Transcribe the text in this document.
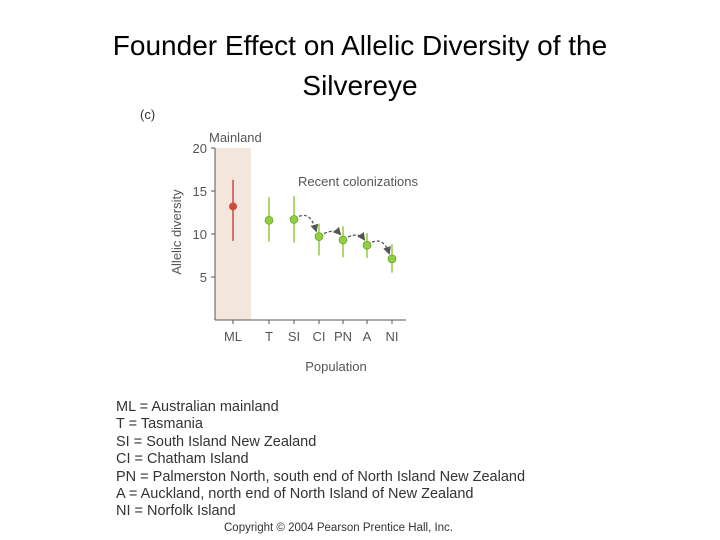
Founder Effect on Allelic Diversity of the
Silvereye
(c)
Mainland
Recent colonizations
5
10
15
20
ML T SI CI PN A NI
Allelic diversity
Population
ML = Australian mainland
T = Tasmania
SI = South Island New Zealand
CI = Chatham Island
PN = Palmerston North, south end of North Island New Zealand
A = Auckland, north end of North Island of New Zealand
NI = Norfolk Island
Copyright © 2004 Pearson Prentice Hall, Inc.
